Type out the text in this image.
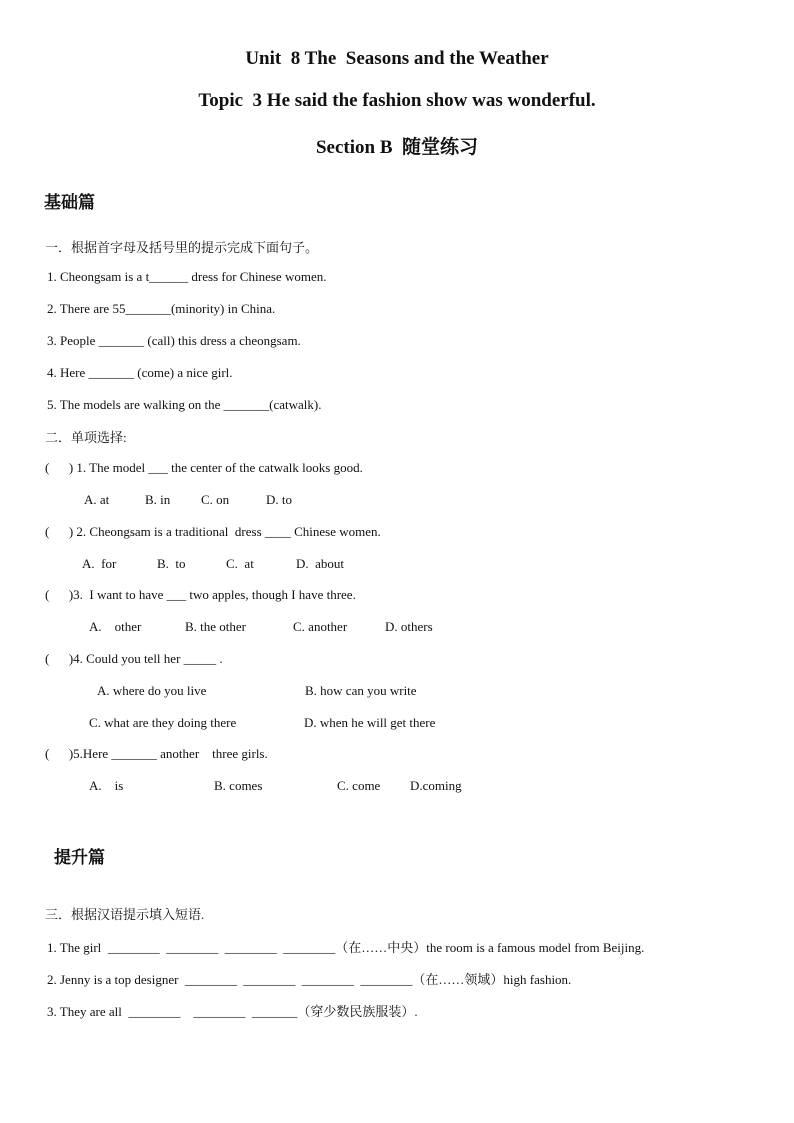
Unit  8 The  Seasons and the Weather
Topic  3 He said the fashion show was wonderful.
Section B  随堂练习
基础篇
一．根据首字母及括号里的提示完成下面句子。
1. Cheongsam is a t______ dress for Chinese women.
2. There are 55_______(minority) in China.
3. People _______ (call) this dress a cheongsam.
4. Here _______ (come) a nice girl.
5. The models are walking on the _______(catwalk).
二．单项选择:
(      ) 1. The model ___ the center of the catwalk looks good.
A. at	B. in C. on	D. to
(      ) 2. Cheongsam is a traditional  dress ____ Chinese women.
A.  for	B.  to	C.  at	D.  about
(      )3.  I want to have ___ two apples, though I have three.
A.    other	B. the other	C. another	D. others
(      )4. Could you tell her _____ .
A. where do you live	B. how can you write
C. what are they doing there	D. when he will get there
(      )5.Here _______ another    three girls.
A.    is	B. comes	C. come D.coming
提升篇
三．根据汉语提示填入短语.
1. The girl  ________  ________  ________  ________（在……中央）the room is a famous model from Beijing.
2. Jenny is a top designer  ________  ________  ________  ________（在……领域）high fashion.
3. They are all  ________    ________  _______（穿少数民族服装）.
